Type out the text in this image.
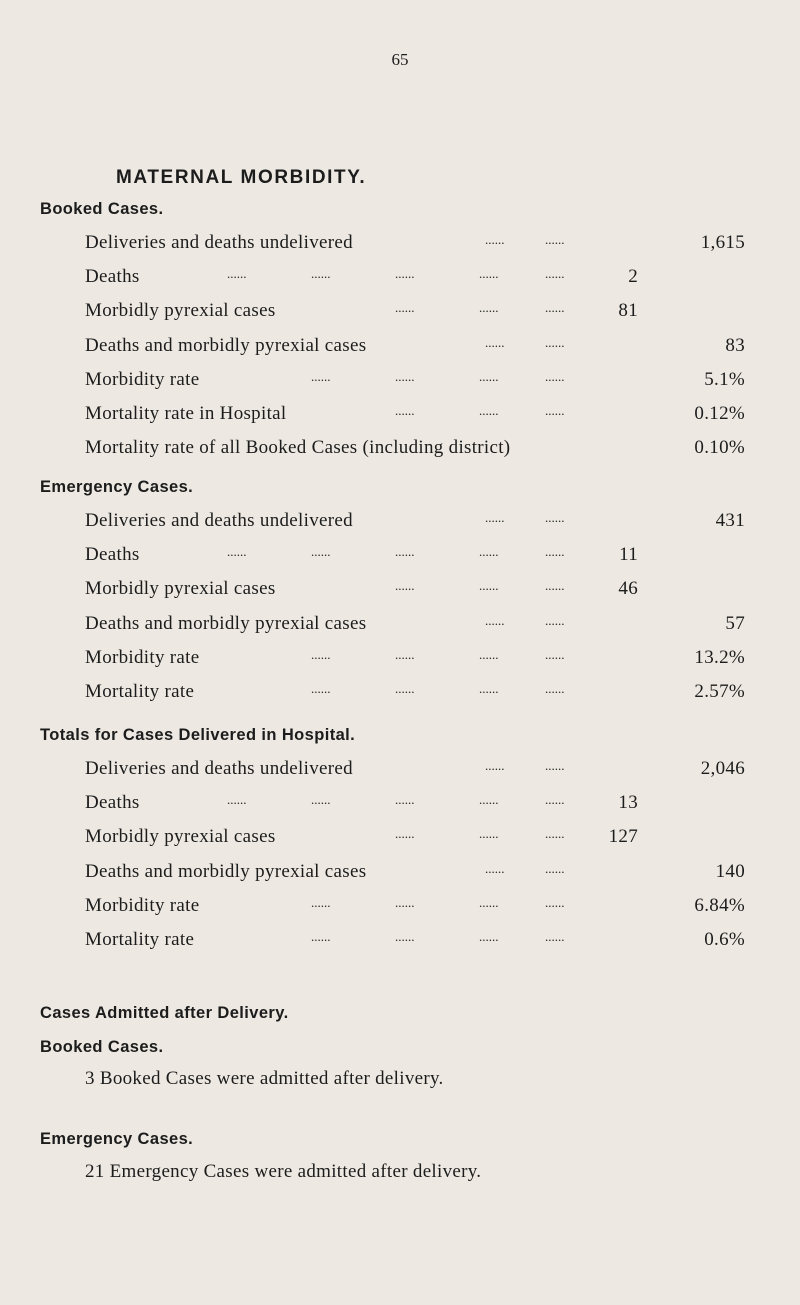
65
MATERNAL MORBIDITY.
Booked Cases.
Deliveries and deaths undelivered	......	......	1,615
Deaths	......	......	......	......	......	2
Morbidly pyrexial cases	......	......	......	81
Deaths and morbidly pyrexial cases	......	......	83
Morbidity rate	......	......	......	......	5.1%
Mortality rate in Hospital	......	......	......	0.12%
Mortality rate of all Booked Cases (including district)	0.10%
Emergency Cases.
Deliveries and deaths undelivered	......	......	431
Deaths	......	......	......	......	......	11
Morbidly pyrexial cases	......	......	......	46
Deaths and morbidly pyrexial cases	......	......	57
Morbidity rate	......	......	......	......	13.2%
Mortality rate	......	......	......	......	2.57%
Totals for Cases Delivered in Hospital.
Deliveries and deaths undelivered	......	......	2,046
Deaths	......	......	......	......	......	13
Morbidly pyrexial cases	......	......	......	127
Deaths and morbidly pyrexial cases	......	......	140
Morbidity rate	......	......	......	......	6.84%
Mortality rate	......	......	......	......	0.6%
Cases Admitted after Delivery.
Booked Cases.
3 Booked Cases were admitted after delivery.
Emergency Cases.
21 Emergency Cases were admitted after delivery.
